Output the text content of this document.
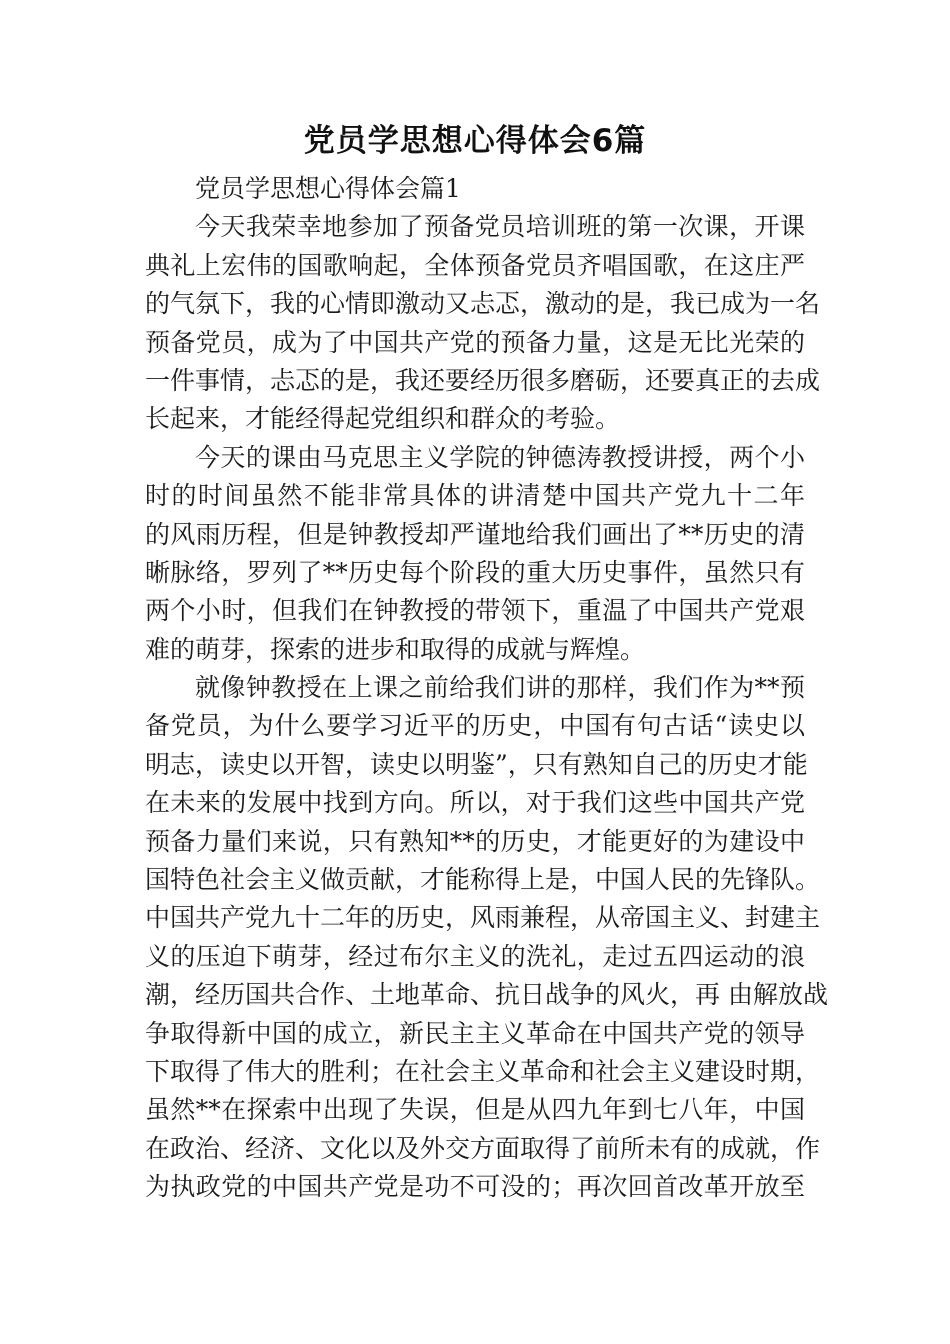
党员学思想心得体会6篇
党员学思想心得体会篇1
今天我荣幸地参加了预备党员培训班的第一次课，开课
典礼上宏伟的国歌响起，全体预备党员齐唱国歌，在这庄严
的气氛下，我的心情即激动又忐忑，激动的是，我已成为一名
预备党员，成为了中国共产党的预备力量，这是无比光荣的
一件事情，忐忑的是，我还要经历很多磨砺，还要真正的去成
长起来，才能经得起党组织和群众的考验。
今天的课由马克思主义学院的钟德涛教授讲授，两个小
时的时间虽然不能非常具体的讲清楚中国共产党九十二年
的风雨历程，但是钟教授却严谨地给我们画出了**历史的清
晰脉络，罗列了**历史每个阶段的重大历史事件，虽然只有
两个小时，但我们在钟教授的带领下，重温了中国共产党艰
难的萌芽，探索的进步和取得的成就与辉煌。
就像钟教授在上课之前给我们讲的那样，我们作为**预
备党员，为什么要学习近平的历史，中国有句古话“读史以
明志，读史以开智，读史以明鉴”，只有熟知自己的历史才能
在未来的发展中找到方向。所以，对于我们这些中国共产党
预备力量们来说，只有熟知**的历史，才能更好的为建设中
国特色社会主义做贡献，才能称得上是，中国人民的先锋队。
中国共产党九十二年的历史，风雨兼程，从帝国主义、封建主
义的压迫下萌芽，经过布尔主义的洗礼，走过五四运动的浪
潮，经历国共合作、土地革命、抗日战争的风火，再 由解放战
争取得新中国的成立，新民主主义革命在中国共产党的领导
下取得了伟大的胜利；在社会主义革命和社会主义建设时期，
虽然**在探索中出现了失误，但是从四九年到七八年，中国
在政治、经济、文化以及外交方面取得了前所未有的成就，作
为执政党的中国共产党是功不可没的；再次回首改革开放至
